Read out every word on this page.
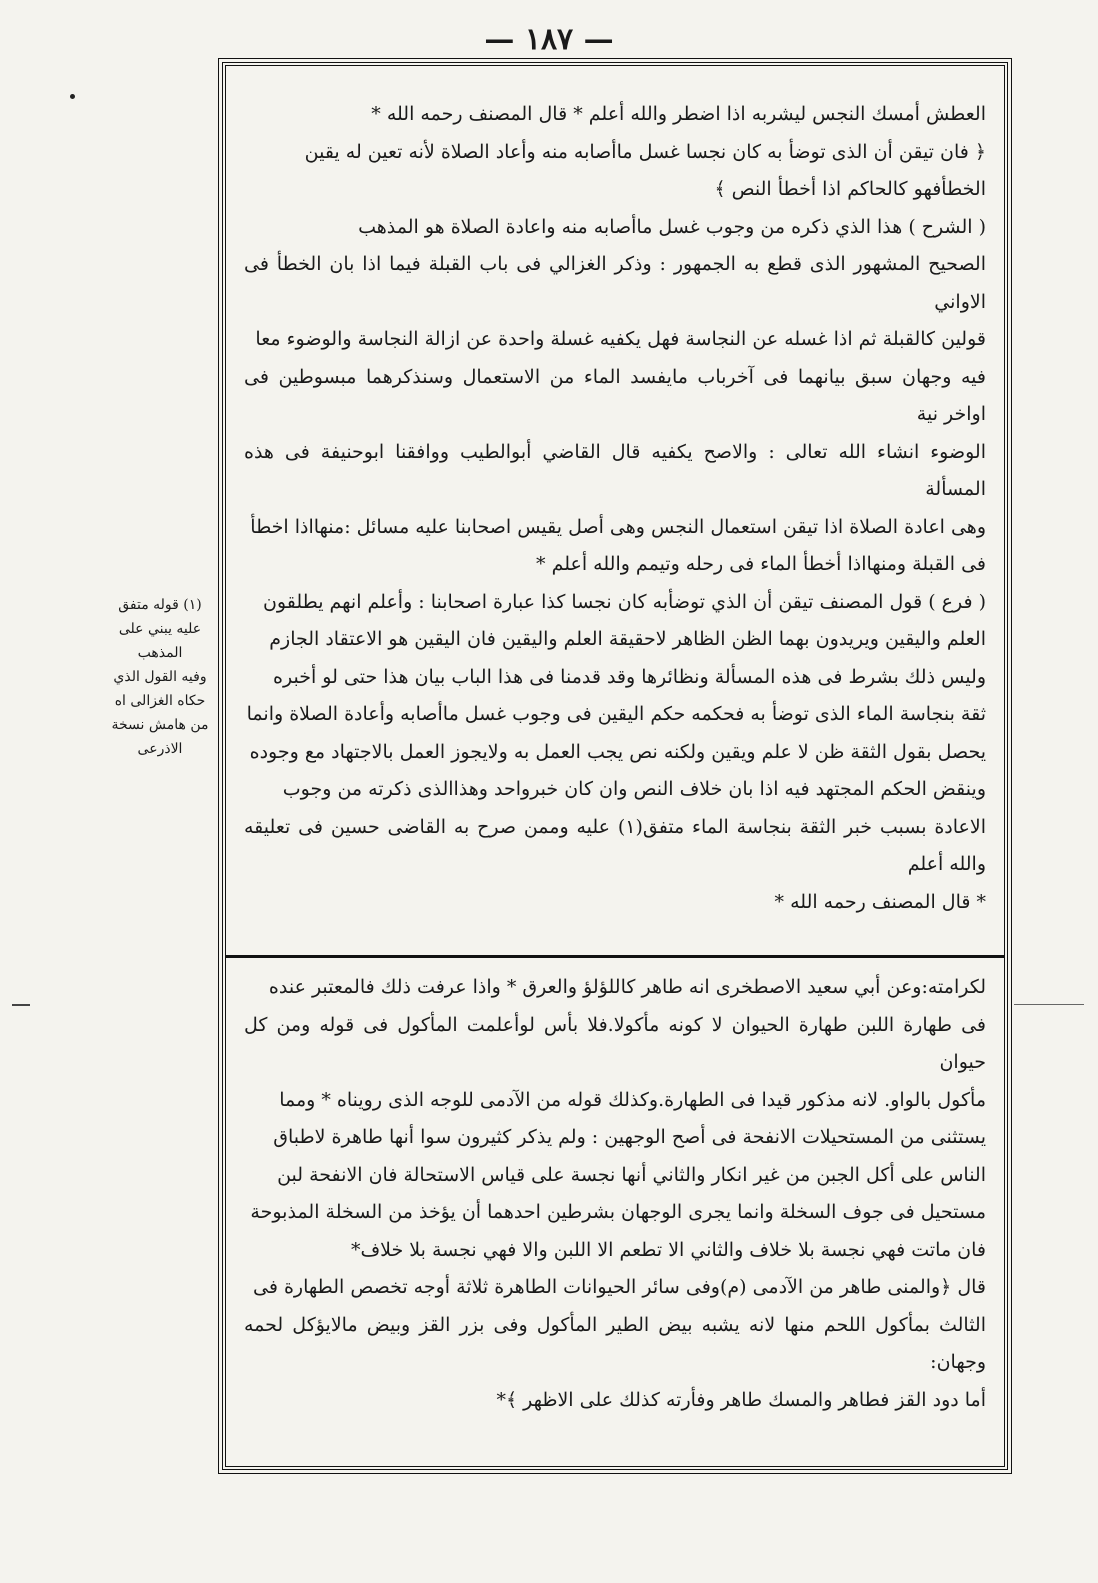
— ١٨٧ —

(١) قوله متفق

عليه يبني على المذهب

وفيه القول الذي

حكاه الغزالى اه

من هامش نسخة

الاذرعى

العطش أمسك النجس ليشربه اذا اضطر والله أعلم * قال المصنف رحمه الله *

﴿ فان تيقن أن الذى توضأ به كان نجسا غسل ماأصابه منه وأعاد الصلاة لأنه تعين له يقين

الخطأفهو كالحاكم اذا أخطأ النص ﴾

( الشرح ) هذا الذي ذكره من وجوب غسل ماأصابه منه واعادة الصلاة هو المذهب

الصحيح المشهور الذى قطع به الجمهور : وذكر الغزالي فى باب القبلة فيما اذا بان الخطأ فى الاواني

قولين كالقبلة ثم اذا غسله عن النجاسة فهل يكفيه غسلة واحدة عن ازالة النجاسة والوضوء معا

فيه وجهان سبق بيانهما فى آخرباب مايفسد الماء من الاستعمال وسنذكرهما مبسوطين فى اواخر نية

الوضوء انشاء الله تعالى : والاصح يكفيه قال القاضي أبوالطيب ووافقنا ابوحنيفة فى هذه المسألة

وهى اعادة الصلاة اذا تيقن استعمال النجس وهى أصل يقيس اصحابنا عليه مسائل :منهااذا اخطأ

فى القبلة ومنهااذا أخطأ الماء فى رحله وتيمم والله أعلم *

( فرع ) قول المصنف تيقن أن الذي توضأبه كان نجسا كذا عبارة اصحابنا : وأعلم انهم يطلقون

العلم واليقين ويريدون بهما الظن الظاهر لاحقيقة العلم واليقين فان اليقين هو الاعتقاد الجازم

وليس ذلك بشرط فى هذه المسألة ونظائرها وقد قدمنا فى هذا الباب بيان هذا حتى لو أخبره

ثقة بنجاسة الماء الذى توضأ به فحكمه حكم اليقين فى وجوب غسل ماأصابه وأعادة الصلاة وانما

يحصل بقول الثقة ظن لا علم ويقين ولكنه نص يجب العمل به ولايجوز العمل بالاجتهاد مع وجوده

وينقض الحكم المجتهد فيه اذا بان خلاف النص وان كان خبرواحد وهذاالذى ذكرته من وجوب

الاعادة بسبب خبر الثقة بنجاسة الماء متفق(١) عليه وممن صرح به القاضى حسين فى تعليقه والله أعلم

* قال المصنف رحمه الله *

لكرامته:وعن أبي سعيد الاصطخرى انه طاهر كاللؤلؤ والعرق * واذا عرفت ذلك فالمعتبر عنده

فى طهارة اللبن طهارة الحيوان لا كونه مأكولا.فلا بأس لوأعلمت المأكول فى قوله ومن كل حيوان

مأكول بالواو. لانه مذكور قيدا فى الطهارة.وكذلك قوله من الآدمى للوجه الذى رويناه * ومما

يستثنى من المستحيلات الانفحة فى أصح الوجهين : ولم يذكر كثيرون سوا أنها طاهرة لاطباق

الناس على أكل الجبن من غير انكار والثاني أنها نجسة على قياس الاستحالة فان الانفحة لبن

مستحيل فى جوف السخلة وانما يجرى الوجهان بشرطين احدهما أن يؤخذ من السخلة المذبوحة

فان ماتت فهي نجسة بلا خلاف والثاني الا تطعم الا اللبن والا فهي نجسة بلا خلاف*

قال ﴿والمنى طاهر من الآدمى (م)وفى سائر الحيوانات الطاهرة ثلاثة أوجه تخصص الطهارة فى

الثالث بمأكول اللحم منها لانه يشبه بيض الطير المأكول وفى بزر القز وبيض مالايؤكل لحمه وجهان:

أما دود القز فطاهر والمسك طاهر وفأرته كذلك على الاظهر ﴾*
